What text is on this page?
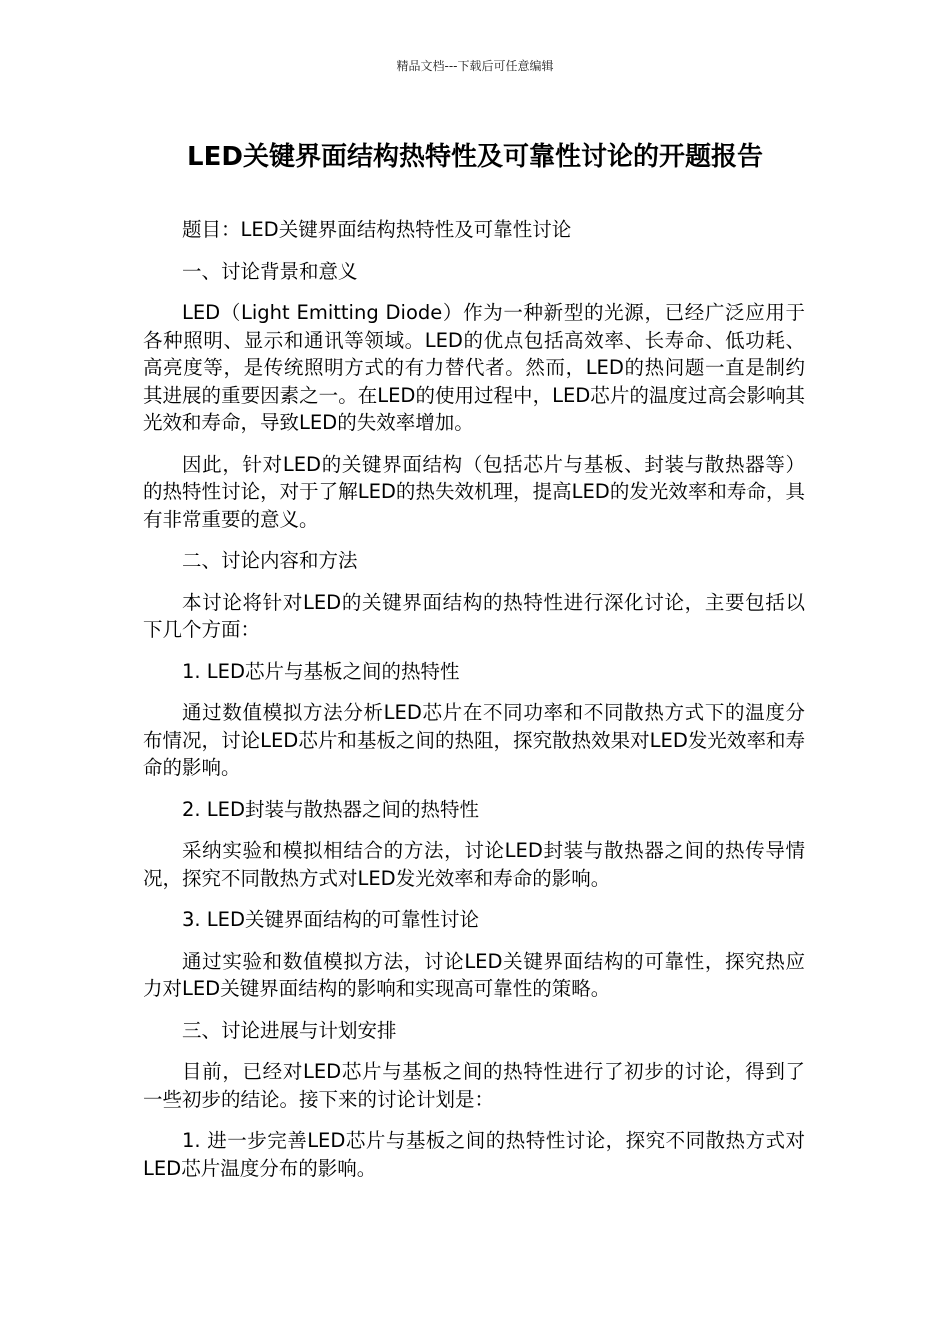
精品文档---下载后可任意编辑
LED关键界面结构热特性及可靠性讨论的开题报告
题目：LED关键界面结构热特性及可靠性讨论
一、讨论背景和意义
LED（Light Emitting Diode）作为一种新型的光源，已经广泛应用于各种照明、显示和通讯等领域。LED的优点包括高效率、长寿命、低功耗、高亮度等，是传统照明方式的有力替代者。然而，LED的热问题一直是制约其进展的重要因素之一。在LED的使用过程中，LED芯片的温度过高会影响其光效和寿命，导致LED的失效率增加。
因此，针对LED的关键界面结构（包括芯片与基板、封装与散热器等）的热特性讨论，对于了解LED的热失效机理，提高LED的发光效率和寿命，具有非常重要的意义。
二、讨论内容和方法
本讨论将针对LED的关键界面结构的热特性进行深化讨论，主要包括以下几个方面：
1. LED芯片与基板之间的热特性
通过数值模拟方法分析LED芯片在不同功率和不同散热方式下的温度分布情况，讨论LED芯片和基板之间的热阻，探究散热效果对LED发光效率和寿命的影响。
2. LED封装与散热器之间的热特性
采纳实验和模拟相结合的方法，讨论LED封装与散热器之间的热传导情况，探究不同散热方式对LED发光效率和寿命的影响。
3. LED关键界面结构的可靠性讨论
通过实验和数值模拟方法，讨论LED关键界面结构的可靠性，探究热应力对LED关键界面结构的影响和实现高可靠性的策略。
三、讨论进展与计划安排
目前，已经对LED芯片与基板之间的热特性进行了初步的讨论，得到了一些初步的结论。接下来的讨论计划是：
1. 进一步完善LED芯片与基板之间的热特性讨论，探究不同散热方式对LED芯片温度分布的影响。
